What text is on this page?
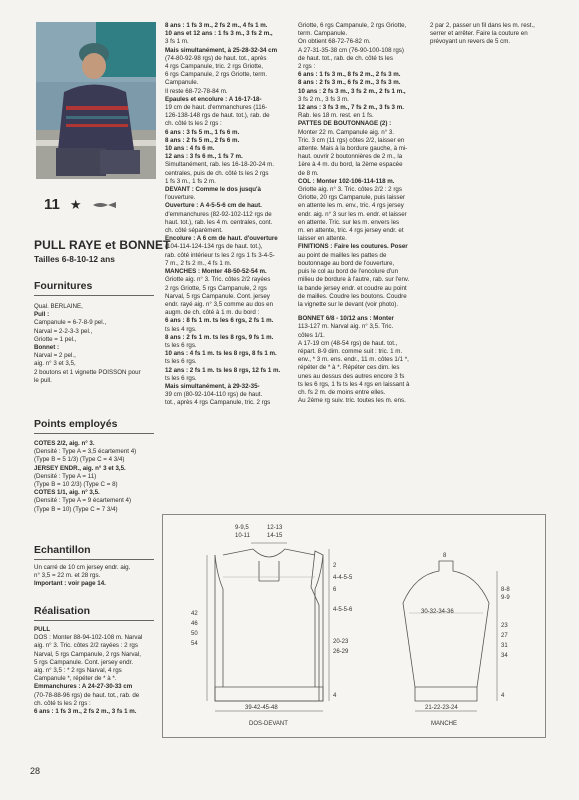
11 ★
PULL RAYE et BONNET
Tailles 6-8-10-12 ans
Fournitures

Qual. BERLAINE,

Pull :

Campanule = 6-7-8-9 pel.,

Narval = 2-2-3-3 pel.,

Griotte = 1 pel.,

Bonnet :

Narval = 2 pel.,

aig. n° 3 et 3,5,

2 boutons et 1 vignette POISSON pour

le pull.

Points employés

COTES 2/2, aig. n° 3.

(Densité : Type A = 3,5 écartement 4)

(Type B = 5 1/3) (Type C = 4 3/4)

JERSEY ENDR., aig. n° 3 et 3,5.

(Densité : Type A = 11)

(Type B = 10 2/3) (Type C = 8)

COTES 1/1, aig. n° 3,5.

(Densité : Type A = 9 écartement 4)

(Type B = 10) (Type C = 7 3/4)

Echantillon

Un carré de 10 cm jersey endr. aig.

n° 3,5 = 22 m. et 28 rgs.

Important : voir page 14.

Réalisation

PULL

DOS : Monter 88-94-102-108 m. Narval

aig. n° 3. Tric. côtes 2/2 rayées : 2 rgs

Narval, 5 rgs Campanule, 2 rgs Narval,

5 rgs Campanule. Cont. jersey endr.

aig. n° 3,5 : * 2 rgs Narval, 4 rgs

Campanule *, répéter de * à *.

Emmanchures : A 24-27-30-33 cm

(70-78-88-96 rgs) de haut. tot., rab. de

ch. côté ts les 2 rgs :

6 ans : 1 fs 3 m., 2 fs 2 m., 3 fs 1 m.

8 ans : 1 fs 3 m., 2 fs 2 m., 4 fs 1 m.

10 ans et 12 ans : 1 fs 3 m., 3 fs 2 m.,

3 fs 1 m.

Mais simultanément, à 25-28-32-34 cm

(74-80-92-98 rgs) de haut. tot., après

4 rgs Campanule, tric. 2 rgs Griotte,

6 rgs Campanule, 2 rgs Griotte, term.

Campanule.

Il reste 68-72-78-84 m.

Epaules et encolure : A 16-17-18-

19 cm de haut. d'emmanchures (116-

126-138-148 rgs de haut. tot.), rab. de

ch. côté ts les 2 rgs :

6 ans : 3 fs 5 m., 1 fs 6 m.

8 ans : 2 fs 5 m., 2 fs 6 m.

10 ans : 4 fs 6 m.

12 ans : 3 fs 6 m., 1 fs 7 m.

Simultanément, rab. les 16-18-20-24 m.

centrales, puis de ch. côté ts les 2 rgs

1 fs 3 m., 1 fs 2 m.

DEVANT : Comme le dos jusqu'à

l'ouverture.

Ouverture : A 4-5-5-6 cm de haut.

d'emmanchures (82-92-102-112 rgs de

haut. tot.), rab. les 4 m. centrales, cont.

ch. côté séparément.

Encolure : A 6 cm de haut. d'ouverture

(104-114-124-134 rgs de haut. tot.),

rab. côté intérieur ts les 2 rgs 1 fs 3-4-5-

7 m., 2 fs 2 m., 4 fs 1 m.

MANCHES : Monter 48-50-52-54 m.

Griotte aig. n° 3. Tric. côtes 2/2 rayées

2 rgs Griotte, 5 rgs Campanule, 2 rgs

Narval, 5 rgs Campanule. Cont. jersey

endr. rayé aig. n° 3,5 comme au dos en

augm. de ch. côté à 1 m. du bord :

6 ans : 8 fs 1 m. ts les 6 rgs, 2 fs 1 m.

ts les 4 rgs.

8 ans : 2 fs 1 m. ts les 8 rgs, 9 fs 1 m.

ts les 6 rgs.

10 ans : 4 fs 1 m. ts les 8 rgs, 8 fs 1 m.

ts les 6 rgs.

12 ans : 2 fs 1 m. ts les 8 rgs, 12 fs 1 m.

ts les 6 rgs.

Mais simultanément, à 29-32-35-

39 cm (80-92-104-110 rgs) de haut.

tot., après 4 rgs Campanule, tric. 2 rgs

Griotte, 6 rgs Campanule, 2 rgs Griotte,

term. Campanule.

On obtient 68-72-76-82 m.

A 27-31-35-38 cm (76-90-100-108 rgs)

de haut. tot., rab. de ch. côté ts les

2 rgs :

6 ans : 1 fs 3 m., 8 fs 2 m., 2 fs 3 m.

8 ans : 2 fs 3 m., 6 fs 2 m., 3 fs 3 m.

10 ans : 2 fs 3 m., 3 fs 2 m., 2 fs 1 m.,

3 fs 2 m., 3 fs 3 m.

12 ans : 3 fs 3 m., 7 fs 2 m., 3 fs 3 m.

Rab. les 18 m. rest. en 1 fs.

PATTES DE BOUTONNAGE (2) :

Monter 22 m. Campanule aig. n° 3.

Tric. 3 cm (11 rgs) côtes 2/2, laisser en

attente. Mais à la bordure gauche, à mi-

haut. ouvrir 2 boutonnières de 2 m., la

1ère à 4 m. du bord, la 2ème espacée

de 8 m.

COL : Monter 102-106-114-118 m.

Griotte aig. n° 3. Tric. côtes 2/2 : 2 rgs

Griotte, 20 rgs Campanule, puis laisser

en attente les m. env., tric. 4 rgs jersey

endr. aig. n° 3 sur les m. endr. et laisser

en attente. Tric. sur les m. envers les

m. en attente, tric. 4 rgs jersey endr. et

laisser en attente.

FINITIONS : Faire les coutures. Poser

au point de mailles les pattes de

boutonnage au bord de l'ouverture,

puis le col au bord de l'encolure d'un

milieu de bordure à l'autre, rab. sur l'env.

la bande jersey endr. et coudre au point

de mailles. Coudre les boutons. Coudre

la vignette sur le devant (voir photo).

BONNET 6/8 - 10/12 ans : Monter

113-127 m. Narval aig. n° 3,5. Tric.

côtes 1/1.

A 17-19 cm (48-54 rgs) de haut. tot.,

répart. 8-9 dim. comme suit : tric. 1 m.

env., * 3 m. ens. endr., 11 m. côtes 1/1 *,

répéter de * à *. Répéter ces dim. les

unes au dessus des autres encore 3 fs

ts les 6 rgs, 1 fs ts les 4 rgs en laissant à

ch. fs 2 m. de moins entre elles.

Au 2ème rg suiv. tric. toutes les m. ens.

2 par 2, passer un fil dans les m. rest.,

serrer et arrêter. Faire la couture en

prévoyant un revers de 5 cm.

9-9,5
10-11
12-13
14-15
2
4-4-5-5
6
4-5-5-6
20-23
26-29
4
42
46
50
54
39-42-45-48
DOS-DEVANT
8
30-32-34-36
8-8
9-9
23
27
31
34
4
21-22-23-24
MANCHE
28
